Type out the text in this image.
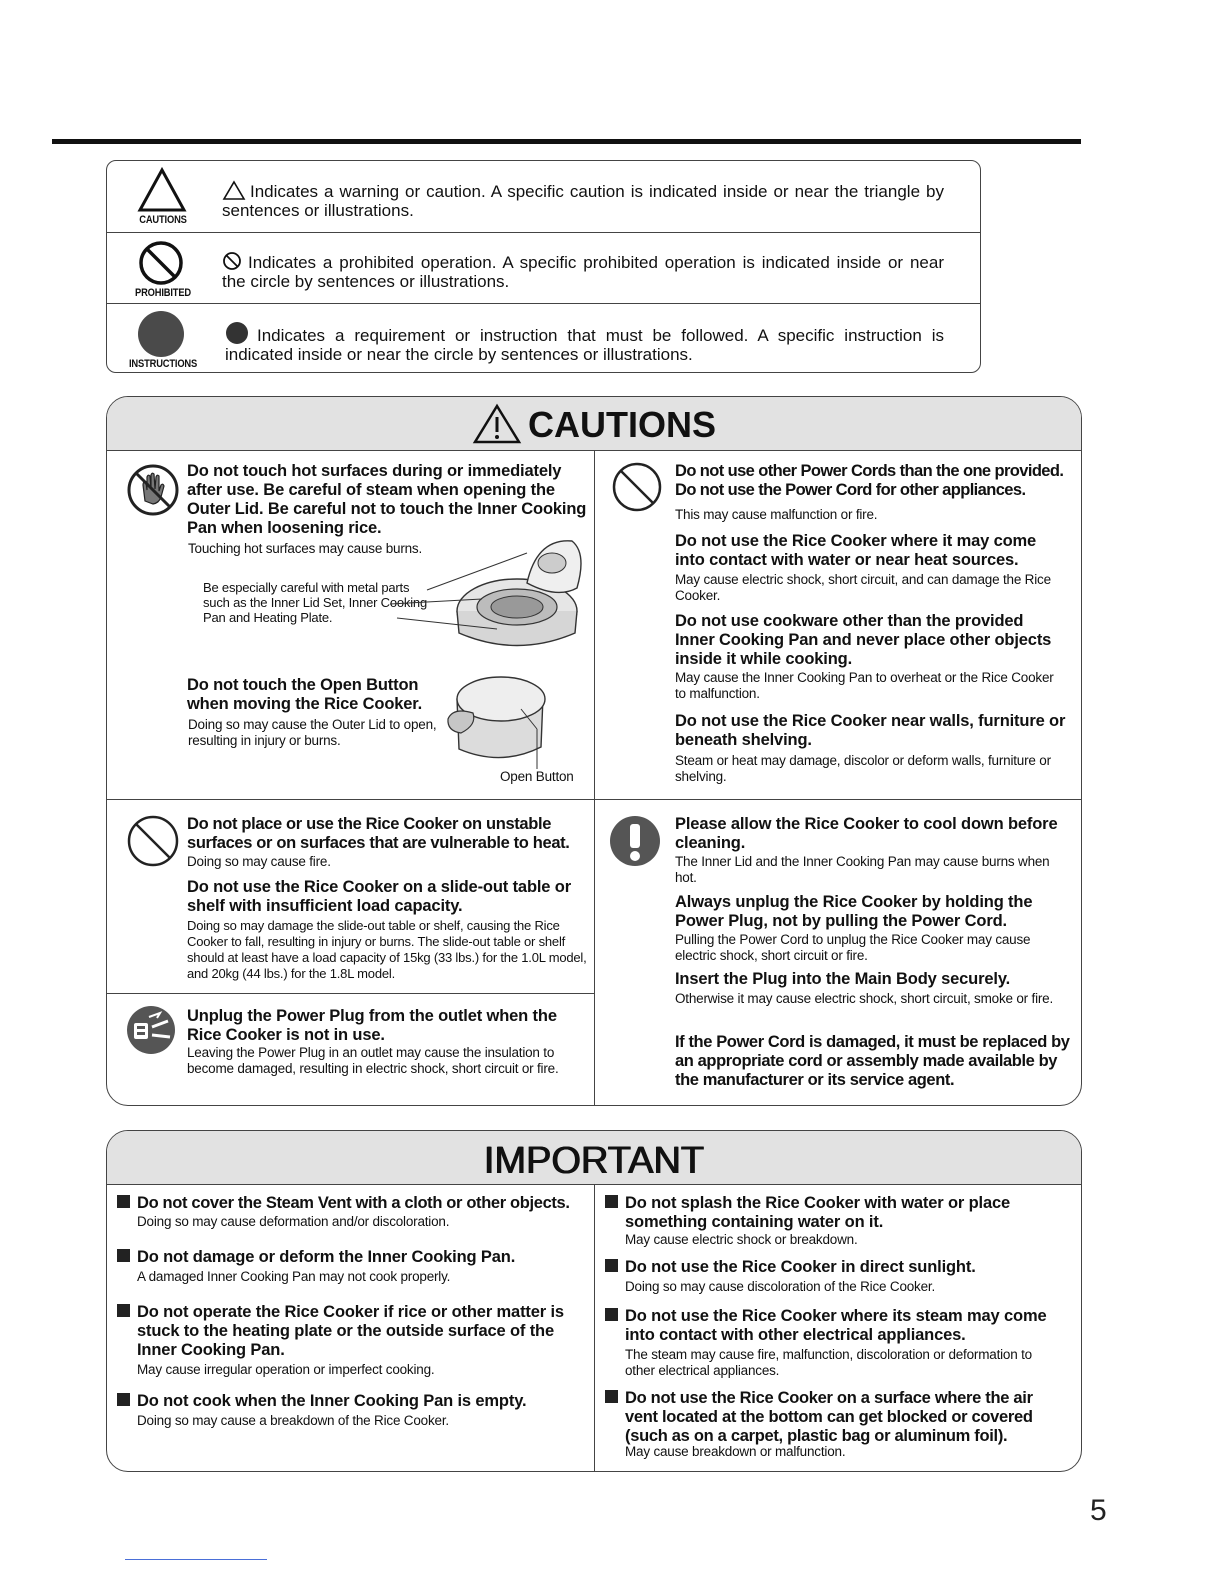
CAUTIONS
Indicates a warning or caution. A specific caution is indicated inside or near the triangle by sentences or illustrations.
PROHIBITED
Indicates a prohibited operation. A specific prohibited operation is indicated inside or near the circle by sentences or illustrations.
INSTRUCTIONS
Indicates a requirement or instruction that must be followed. A specific instruction is indicated inside or near the circle by sentences or illustrations.
CAUTIONS
Do not touch hot surfaces during or immediately after use. Be careful of steam when opening the Outer Lid. Be careful not to touch the Inner Cooking Pan when loosening rice.
Touching hot surfaces may cause burns.
Be especially careful with metal parts such as the Inner Lid Set, Inner Cooking Pan and Heating Plate.
Do not touch the Open Button when moving the Rice Cooker.
Doing so may cause the Outer Lid to open, resulting in injury or burns.
Open Button
Do not use other Power Cords than the one provided. Do not use the Power Cord for other appliances.
This may cause malfunction or fire.
Do not use the Rice Cooker where it may come into contact with water or near heat sources.
May cause electric shock, short circuit, and can damage the Rice Cooker.
Do not use cookware other than the provided Inner Cooking Pan and never place other objects inside it while cooking.
May cause the Inner Cooking Pan to overheat or the Rice Cooker to malfunction.
Do not use the Rice Cooker near walls, furniture or beneath shelving.
Steam or heat may damage, discolor or deform walls, furniture or shelving.
Do not place or use the Rice Cooker on unstable surfaces or on surfaces that are vulnerable to heat.
Doing so may cause fire.
Do not use the Rice Cooker on a slide-out table or shelf with insufficient load capacity.
Doing so may damage the slide-out table or shelf, causing the Rice Cooker to fall, resulting in injury or burns. The slide-out table or shelf should at least have a load capacity of 15kg (33 lbs.) for the 1.0L model, and 20kg (44 lbs.) for the 1.8L model.
Unplug the Power Plug from the outlet when the Rice Cooker is not in use.
Leaving the Power Plug in an outlet may cause the insulation to become damaged, resulting in electric shock, short circuit or fire.
Please allow the Rice Cooker to cool down before cleaning.
The Inner Lid and the Inner Cooking Pan may cause burns when hot.
Always unplug the Rice Cooker by holding the Power Plug, not by pulling the Power Cord.
Pulling the Power Cord to unplug the Rice Cooker may cause electric shock, short circuit or fire.
Insert the Plug into the Main Body securely.
Otherwise it may cause electric shock, short circuit, smoke or fire.
If the Power Cord is damaged, it must be replaced by an appropriate cord or assembly made available by the manufacturer or its service agent.
IMPORTANT
Do not cover the Steam Vent with a cloth or other objects.
Doing so may cause deformation and/or discoloration.
Do not damage or deform the Inner Cooking Pan.
A damaged Inner Cooking Pan may not cook properly.
Do not operate the Rice Cooker if rice or other matter is stuck to the heating plate or the outside surface of the Inner Cooking Pan.
May cause irregular operation or imperfect cooking.
Do not cook when the Inner Cooking Pan is empty.
Doing so may cause a breakdown of the Rice Cooker.
Do not splash the Rice Cooker with water or place something containing water on it.
May cause electric shock or breakdown.
Do not use the Rice Cooker in direct sunlight.
Doing so may cause discoloration of the Rice Cooker.
Do not use the Rice Cooker where its steam may come into contact with other electrical appliances.
The steam may cause fire, malfunction, discoloration or deformation to other electrical appliances.
Do not use the Rice Cooker on a surface where the air vent located at the bottom can get blocked or covered (such as on a carpet, plastic bag or aluminum foil).
May cause breakdown or malfunction.
5
